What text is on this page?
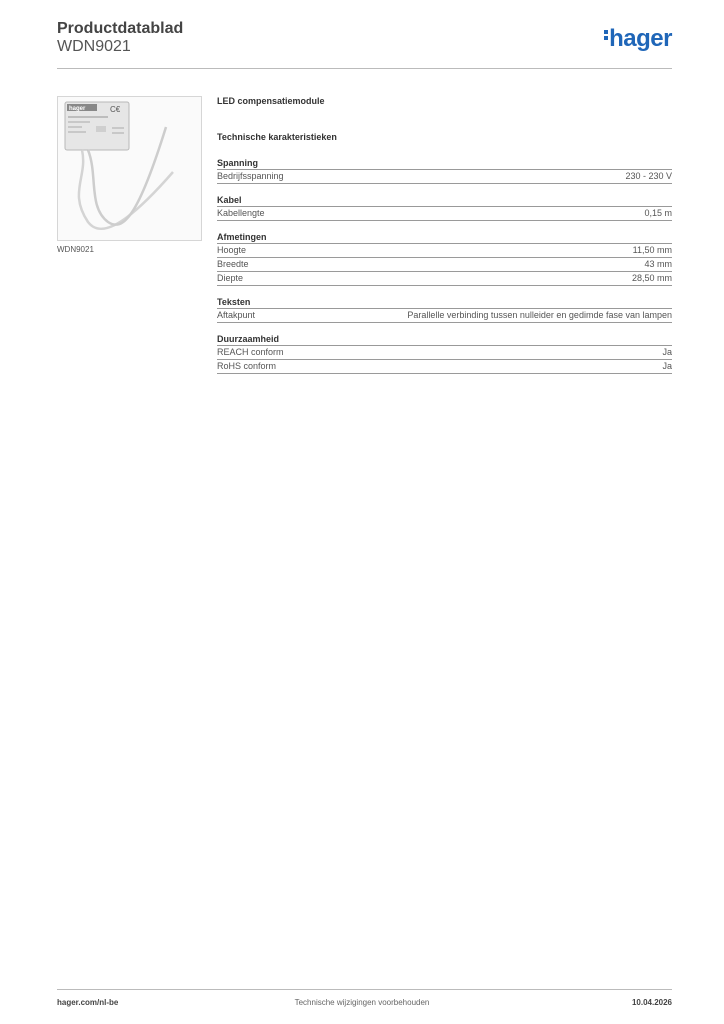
Productdatablad
WDN9021	hager
hager	C€
WDN9021
LED compensatiemodule
Technische karakteristieken
Spanning
Bedrijfsspanning	230 - 230 V
Kabel
Kabellengte	0,15 m
Afmetingen
Hoogte	11,50 mm
Breedte	43 mm
Diepte	28,50 mm
Teksten
Aftakpunt	Parallelle verbinding tussen nulleider en gedimde fase van lampen
Duurzaamheid
REACH conform	Ja
RoHS conform	Ja
hager.com/nl-be	Technische wijzigingen voorbehouden	10.04.2026
